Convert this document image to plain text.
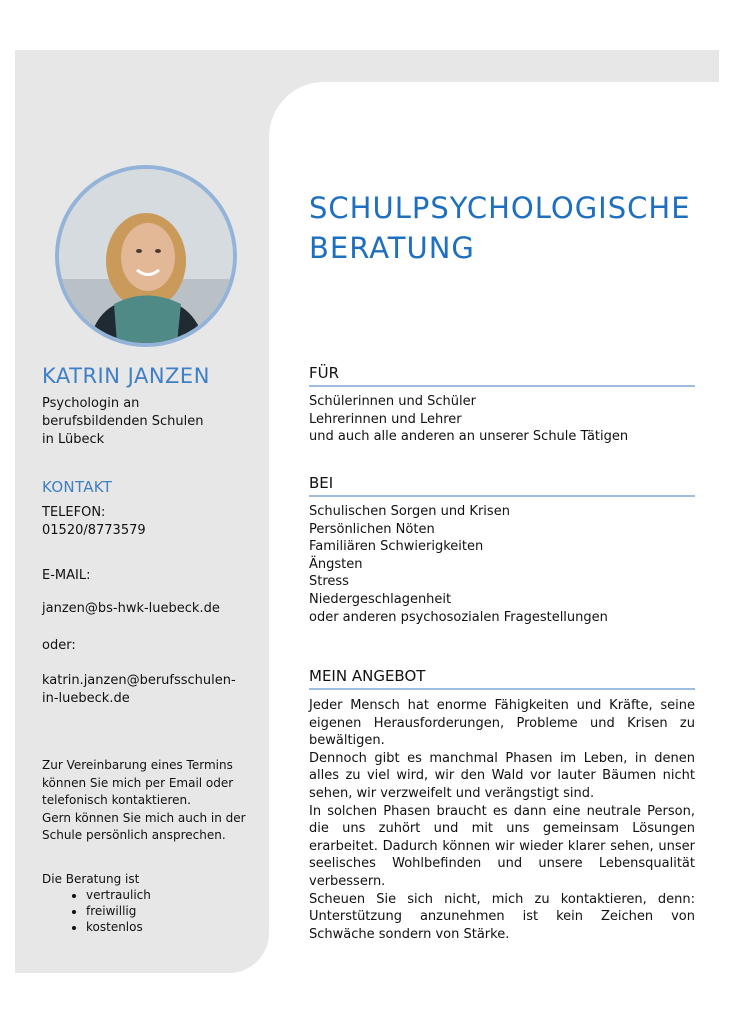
KATRIN JANZEN
Psychologin an
berufsbildenden Schulen
in Lübeck
KONTAKT
TELEFON:
01520/8773579
E-MAIL:
janzen@bs-hwk-luebeck.de
oder:
katrin.janzen@berufsschulen-
in-luebeck.de
Zur Vereinbarung eines Termins
können Sie mich per Email oder
telefonisch kontaktieren.
Gern können Sie mich auch in der
Schule persönlich ansprechen.
Die Beratung ist
• vertraulich
• freiwillig
• kostenlos
SCHULPSYCHOLOGISCHE
BERATUNG
FÜR
Schülerinnen und Schüler
Lehrerinnen und Lehrer
und auch alle anderen an unserer Schule Tätigen
BEI
Schulischen Sorgen und Krisen
Persönlichen Nöten
Familiären Schwierigkeiten
Ängsten
Stress
Niedergeschlagenheit
oder anderen psychosozialen Fragestellungen
MEIN ANGEBOT

Jeder Mensch hat enorme Fähigkeiten und Kräfte, seine eigenen Herausforderungen, Probleme und Krisen zu bewältigen.

Dennoch gibt es manchmal Phasen im Leben, in denen alles zu viel wird, wir den Wald vor lauter Bäumen nicht sehen, wir verzweifelt und verängstigt sind.

In solchen Phasen braucht es dann eine neutrale Person, die uns zuhört und mit uns gemeinsam Lösungen erarbeitet. Dadurch können wir wieder klarer sehen, unser seelisches Wohlbefinden und unsere Lebensqualität verbessern.

Scheuen Sie sich nicht, mich zu kontaktieren, denn: Unterstützung anzunehmen ist kein Zeichen von Schwäche sondern von Stärke.
